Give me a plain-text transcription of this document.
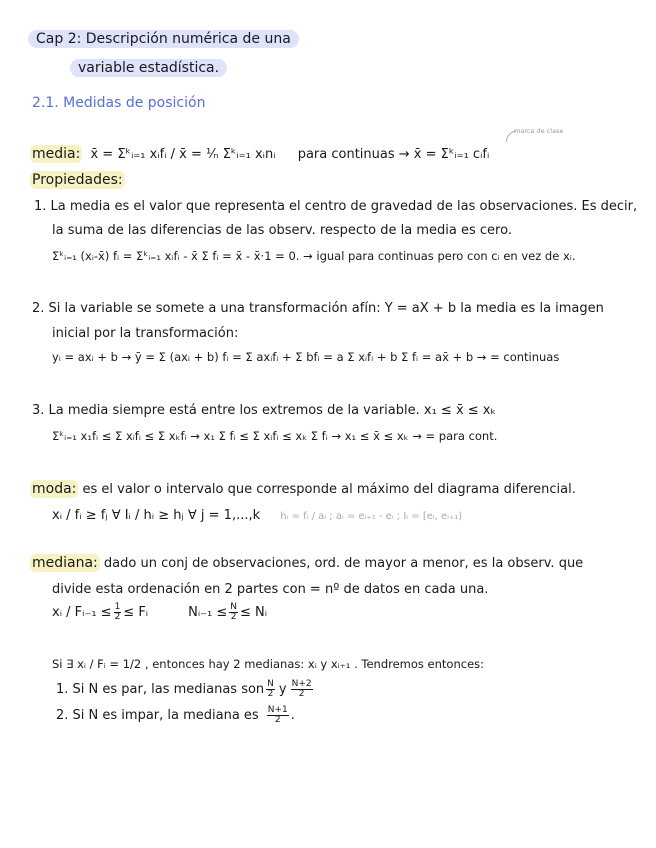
Cap 2: Descripción numérica de una
variable estadística.
2.1. Medidas de posición
marca de clase
media: x̄ = Σᵏᵢ₌₁ xᵢfᵢ / x̄ = ¹⁄ₙ Σᵏᵢ₌₁ xᵢnᵢ para continuas → x̄ = Σᵏᵢ₌₁ cᵢfᵢ
Propiedades:
1. La media es el valor que representa el centro de gravedad de las observaciones. Es decir,
la suma de las diferencias de las observ. respecto de la media es cero.
Σᵏᵢ₌₁ (xᵢ-x̄) fᵢ = Σᵏᵢ₌₁ xᵢfᵢ - x̄ Σ fᵢ = x̄ - x̄·1 = 0. → igual para continuas pero con cᵢ en vez de xᵢ.
2. Si la variable se somete a una transformación afín: Y = aX + b la media es la imagen
inicial por la transformación:
yᵢ = axᵢ + b → ȳ = Σ (axᵢ + b) fᵢ = Σ axᵢfᵢ + Σ bfᵢ = a Σ xᵢfᵢ + b Σ fᵢ = ax̄ + b → = continuas
3. La media siempre está entre los extremos de la variable. x₁ ≤ x̄ ≤ xₖ
Σᵏᵢ₌₁ x₁fᵢ ≤ Σ xᵢfᵢ ≤ Σ xₖfᵢ → x₁ Σ fᵢ ≤ Σ xᵢfᵢ ≤ xₖ Σ fᵢ → x₁ ≤ x̄ ≤ xₖ → = para cont.
moda: es el valor o intervalo que corresponde al máximo del diagrama diferencial.
xᵢ / fᵢ ≥ fⱼ ∀ Iᵢ / hᵢ ≥ hⱼ ∀ j = 1,...,k hᵢ = fᵢ / aᵢ ; aᵢ = eᵢ₊₁ - eᵢ ; Iᵢ = [eᵢ, eᵢ₊₁)
mediana: dado un conj de observaciones, ord. de mayor a menor, es la observ. que
divide esta ordenación en 2 partes con = nº de datos en cada una.
xᵢ / Fᵢ₋₁ ≤ $\frac{1}{2}$ ≤ Fᵢ	Nᵢ₋₁ ≤ $\frac{N}{2}$ ≤ Nᵢ
Si ∃ xᵢ / Fᵢ = 1/2 , entonces hay 2 medianas: xᵢ y xᵢ₊₁ . Tendremos entonces:
1. Si N es par, las medianas son $\frac{N}{2}$ y $\frac{N+2}{2}$
2. Si N es impar, la mediana es $\frac{N+1}{2}$ .
